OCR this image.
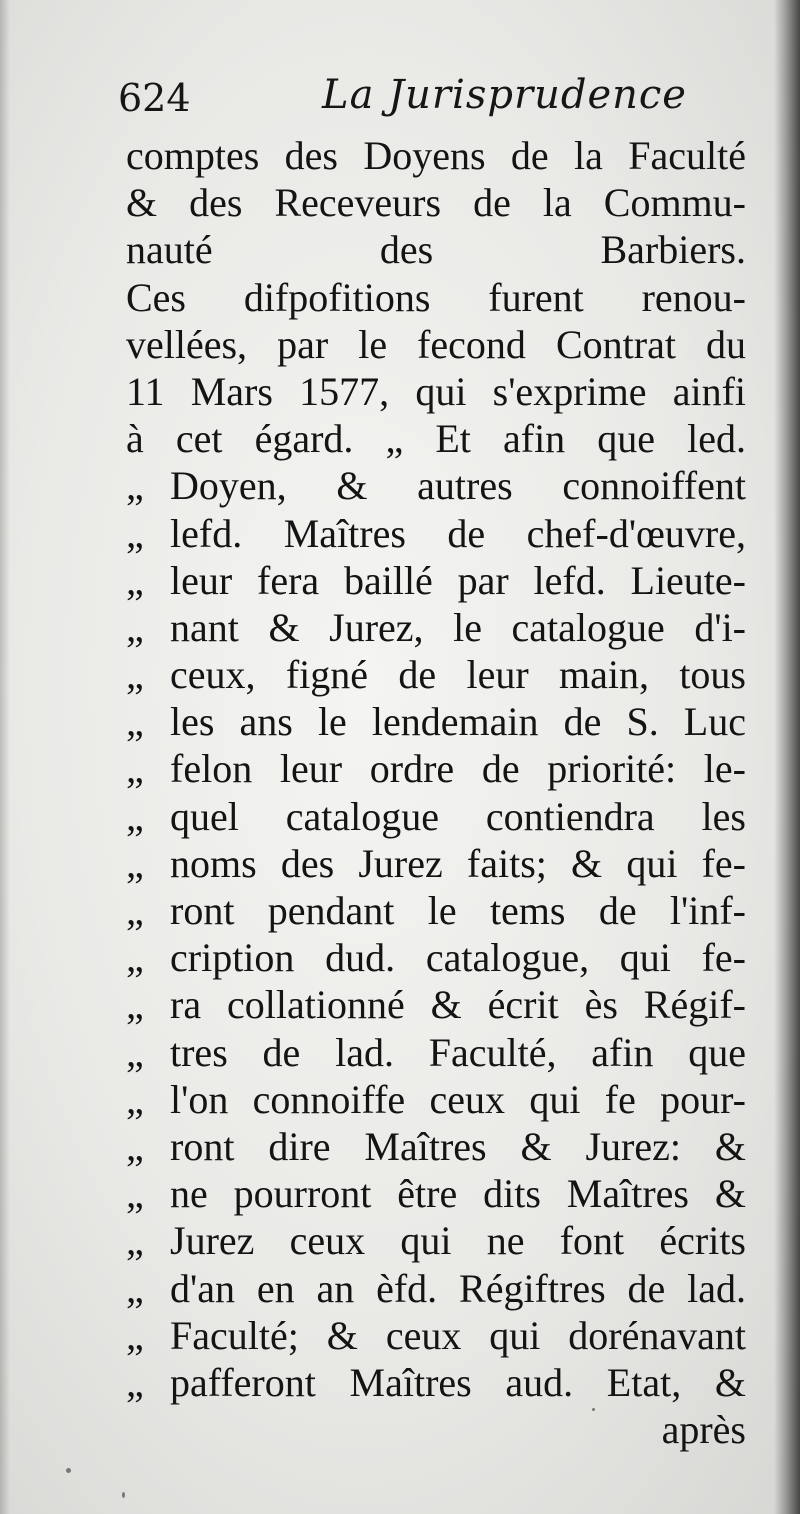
624	La Jurisprudence
comptes des Doyens de la Faculté
& des Receveurs de la Commu-
nauté des Barbiers.
Ces difpofitions furent renou-
vellées, par le fecond Contrat du
11 Mars 1577, qui s'exprime ainfi
à cet égard. „ Et afin que led.
„ Doyen, & autres connoiffent
„ lefd. Maîtres de chef-d'œuvre,
„ leur fera baillé par lefd. Lieute-
„ nant & Jurez, le catalogue d'i-
„ ceux, figné de leur main, tous
„ les ans le lendemain de S. Luc
„ felon leur ordre de priorité: le-
„ quel catalogue contiendra les
„ noms des Jurez faits; & qui fe-
„ ront pendant le tems de l'inf-
„ cription dud. catalogue, qui fe-
„ ra collationné & écrit ès Régif-
„ tres de lad. Faculté, afin que
„ l'on connoiffe ceux qui fe pour-
„ ront dire Maîtres & Jurez: &
„ ne pourront être dits Maîtres &
„ Jurez ceux qui ne font écrits
„ d'an en an èfd. Régiftres de lad.
„ Faculté; & ceux qui dorénavant
„ pafferont Maîtres aud. Etat, &
après
